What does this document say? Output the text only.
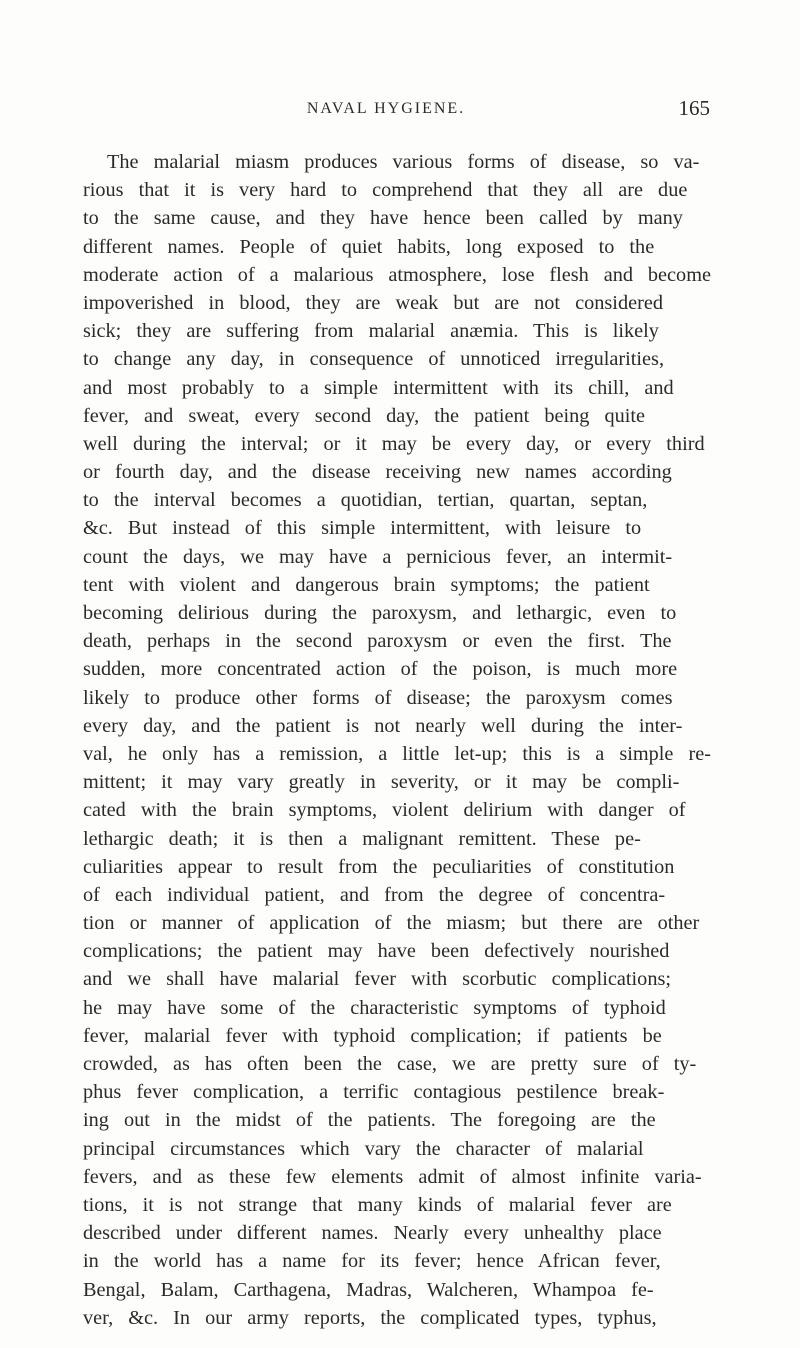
NAVAL HYGIENE.	165
The malarial miasm produces various forms of disease, so va-
rious that it is very hard to comprehend that they all are due
to the same cause, and they have hence been called by many
different names. People of quiet habits, long exposed to the
moderate action of a malarious atmosphere, lose flesh and become
impoverished in blood, they are weak but are not considered
sick; they are suffering from malarial anæmia. This is likely
to change any day, in consequence of unnoticed irregularities,
and most probably to a simple intermittent with its chill, and
fever, and sweat, every second day, the patient being quite
well during the interval; or it may be every day, or every third
or fourth day, and the disease receiving new names according
to the interval becomes a quotidian, tertian, quartan, septan,
&c. But instead of this simple intermittent, with leisure to
count the days, we may have a pernicious fever, an intermit-
tent with violent and dangerous brain symptoms; the patient
becoming delirious during the paroxysm, and lethargic, even to
death, perhaps in the second paroxysm or even the first. The
sudden, more concentrated action of the poison, is much more
likely to produce other forms of disease; the paroxysm comes
every day, and the patient is not nearly well during the inter-
val, he only has a remission, a little let-up; this is a simple re-
mittent; it may vary greatly in severity, or it may be compli-
cated with the brain symptoms, violent delirium with danger of
lethargic death; it is then a malignant remittent. These pe-
culiarities appear to result from the peculiarities of constitution
of each individual patient, and from the degree of concentra-
tion or manner of application of the miasm; but there are other
complications; the patient may have been defectively nourished
and we shall have malarial fever with scorbutic complications;
he may have some of the characteristic symptoms of typhoid
fever, malarial fever with typhoid complication; if patients be
crowded, as has often been the case, we are pretty sure of ty-
phus fever complication, a terrific contagious pestilence break-
ing out in the midst of the patients. The foregoing are the
principal circumstances which vary the character of malarial
fevers, and as these few elements admit of almost infinite varia-
tions, it is not strange that many kinds of malarial fever are
described under different names. Nearly every unhealthy place
in the world has a name for its fever; hence African fever,
Bengal, Balam, Carthagena, Madras, Walcheren, Whampoa fe-
ver, &c. In our army reports, the complicated types, typhus,
